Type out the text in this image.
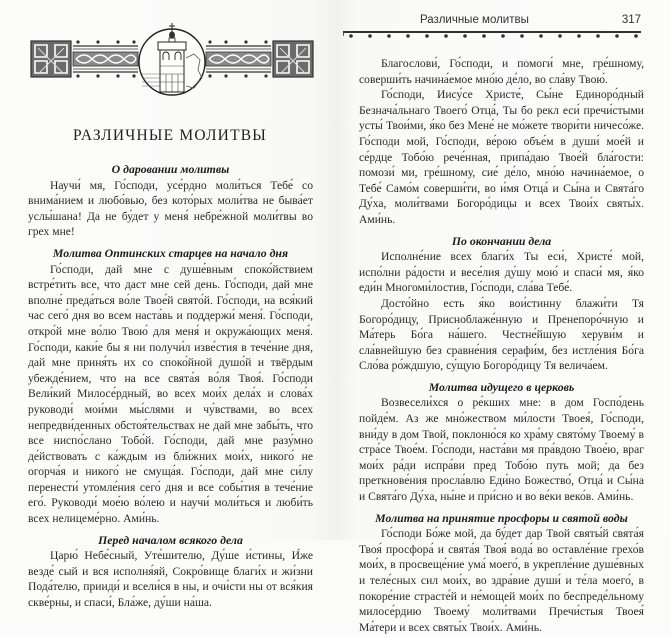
РАЗЛИЧНЫЕ МОЛИТВЫ

О даровании молитвы

Научи́ мя, Го́споди, усе́рдно моли́ться Тебе́ со внима́нием и любо́вью, без кото́рых моли́тва не быва́ет услы́шана! Да не бу́дет у меня́ небре́жной моли́твы во грех мне!

Молитва Оптинских старцев на начало дня

Го́споди, дай мне с душе́вным споко́йствием встре́тить все, что даст мне сей день. Го́споди, дай мне вполне́ преда́ться во́ле Твое́й свято́й. Го́споди, на вся́кий час сего́ дня во всем наста́вь и поддержи́ меня́. Го́споди, откро́й мне во́лю Твою́ для меня́ и окружа́ющих меня́. Го́споди, каки́е бы я ни получи́л изве́стия в тече́ние дня, дай мне приня́ть их со споко́йной душо́й и твёрдым убежде́нием, что на все свята́я во́ля Твоя́. Го́споди Вели́кий Милосе́рдный, во всех мои́х дела́х и слова́х руководи́ мои́ми мы́слями и чу́вствами, во всех непредви́денных обстоя́тельствах не дай мне забы́ть, что все ниспо́слано Тобо́й. Го́споди, дай мне разу́мно де́йствовать с ка́ждым из бли́жних мои́х, никого́ не огорча́я и никого́ не смуща́я. Го́споди, дай мне си́лу перенести́ утомле́ния сего́ дня и все собы́тия в тече́ние его́. Руководи́ мое́ю во́лею и научи́ моли́ться и люби́ть всех нелицеме́рно. Ами́нь.

Перед началом всякого дела

Царю́ Небе́сный, Уте́шителю, Ду́ше и́стины, И́же везде́ сый и вся исполня́яй, Сокро́вище благи́х и жи́зни Пода́телю, прииди́ и всели́ся в ны, и очи́сти ны от вся́кия скве́рны, и спаси́, Бла́же, ду́ши на́ша.

Различные молитвы	317

Благослови́, Го́споди, и помоги́ мне, гре́шному, соверши́ть начина́емое мно́ю де́ло, во сла́ву Твою́.

Го́споди, Иису́се Христе́, Сы́не Единоро́дный Безнача́льнаго Твоего́ Отца́, Ты бо рекл еси́ пречи́стыми усты́ Твои́ми, я́ко без Мене́ не мо́жете твори́ти ничесо́же. Го́споди мой, Го́споди, ве́рою объе́м в души́ мое́й и се́рдце Тобо́ю рече́нная, припа́даю Твое́й бла́гости: помози́ ми, гре́шному, сие́ де́ло, мно́ю начина́емое, о Тебе́ Само́м соверши́ти, во и́мя Отца́ и Сы́на и Свята́го Ду́ха, моли́твами Богоро́дицы и всех Твои́х святы́х. Ами́нь.

По окончании дела

Исполне́ние всех благи́х Ты еси́, Христе́ мой, испо́лни ра́дости и весе́лия ду́шу мою́ и спаси́ мя, я́ко еди́н Многоми́лостив, Го́споди, сла́ва Тебе́.

Досто́йно есть я́ко вои́стинну блажи́ти Тя Богоро́дицу, Присноблаже́нную и Пренепоро́чную и Ма́терь Бо́га на́шего. Честне́йшую херуви́м и сла́внейшую без сравне́ния серафи́м, без истле́ния Бо́га Сло́ва ро́ждшую, су́щую Богоро́дицу Тя велича́ем.

Молитва идущего в церковь

Возвесели́хся о ре́кших мне: в дом Госпо́день пойде́м. Аз же мно́жеством ми́лости Твоея́, Го́споди, вни́ду в дом Твой, поклоню́ся ко хра́му свято́му Твоему́ в стра́се Твое́м. Го́споди, наста́ви мя пра́вдою Твое́ю, враг мои́х ра́ди испра́ви пред Тобо́ю путь мой; да без преткнове́ния просла́влю Еди́но Божество́, Отца́ и Сы́на и Свята́го Ду́ха, ны́не и при́сно и во ве́ки веко́в. Ами́нь.

Молитва на принятие просфоры и святой воды

Го́споди Бо́же мой, да бу́дет дар Твой святы́й свята́я Твоя́ просфора́ и свята́я Твоя́ вода́ во оставле́ние грехо́в мои́х, в просвеще́ние ума́ моего́, в укрепле́ние душе́вных и теле́сных сил мои́х, во здра́вие души́ и те́ла моего́, в покоре́ние страсте́й и не́мощей мои́х по беспреде́льному милосе́рдию Твоему́ моли́твами Пречи́стыя Твоея́ Ма́тери и всех святы́х Твои́х. Ами́нь.
